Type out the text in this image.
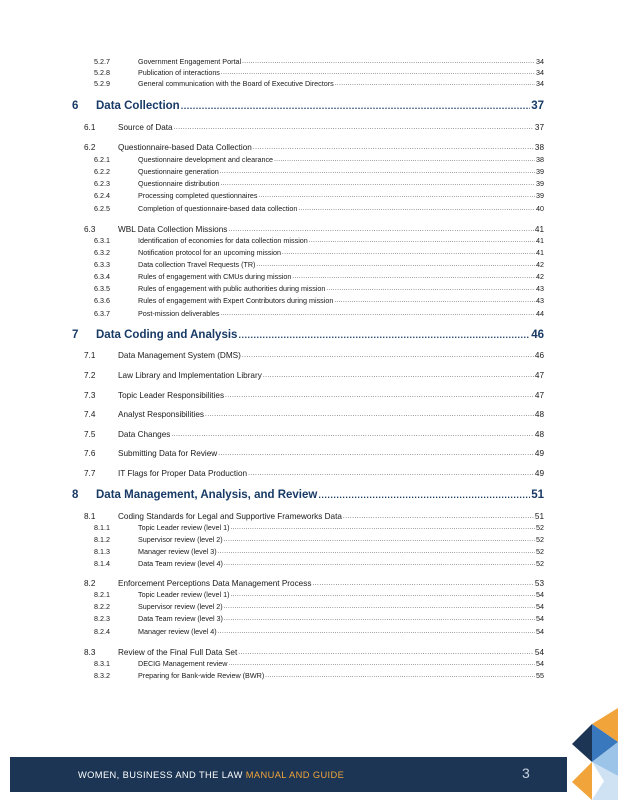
5.2.7	Government Engagement Portal .....	34
5.2.8	Publication of interactions .....	34
5.2.9	General communication with the Board of Executive Directors .....	34
6	Data Collection .....	37
6.1	Source of Data .....	37
6.2	Questionnaire-based Data Collection .....	38
6.2.1	Questionnaire development and clearance .....	38
6.2.2	Questionnaire generation .....	39
6.2.3	Questionnaire distribution .....	39
6.2.4	Processing completed questionnaires .....	39
6.2.5	Completion of questionnaire-based data collection .....	40
6.3	WBL Data Collection Missions .....	41
6.3.1	Identification of economies for data collection mission .....	41
6.3.2	Notification protocol for an upcoming mission .....	41
6.3.3	Data collection Travel Requests (TR) .....	42
6.3.4	Rules of engagement with CMUs during mission .....	42
6.3.5	Rules of engagement with public authorities during mission .....	43
6.3.6	Rules of engagement with Expert Contributors during mission .....	43
6.3.7	Post-mission deliverables .....	44
7	Data Coding and Analysis .....	46
7.1	Data Management System (DMS) .....	46
7.2	Law Library and Implementation Library .....	47
7.3	Topic Leader Responsibilities .....	47
7.4	Analyst Responsibilities .....	48
7.5	Data Changes .....	48
7.6	Submitting Data for Review .....	49
7.7	IT Flags for Proper Data Production .....	49
8	Data Management, Analysis, and Review .....	51
8.1	Coding Standards for Legal and Supportive Frameworks Data .....	51
8.1.1	Topic Leader review (level 1) .....	52
8.1.2	Supervisor review (level 2) .....	52
8.1.3	Manager review (level 3) .....	52
8.1.4	Data Team review (level 4) .....	52
8.2	Enforcement Perceptions Data Management Process .....	53
8.2.1	Topic Leader review (level 1) .....	54
8.2.2	Supervisor review (level 2) .....	54
8.2.3	Data Team review (level 3) .....	54
8.2.4	Manager review (level 4) .....	54
8.3	Review of the Final Full Data Set .....	54
8.3.1	DECIG Management review .....	54
8.3.2	Preparing for Bank-wide Review (BWR) .....	55
WOMEN, BUSINESS AND THE LAW MANUAL AND GUIDE	3
